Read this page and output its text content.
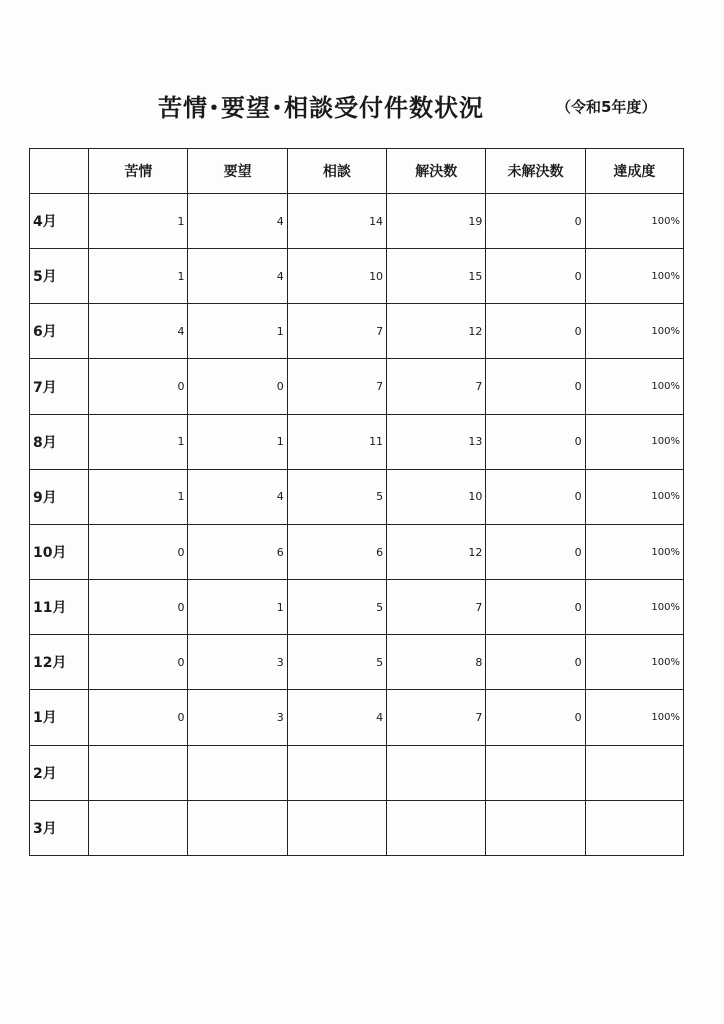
苦情･要望･相談受付件数状況	（令和5年度）
	苦情	要望	相談	解決数	未解決数	達成度
4月	1	4	14	19	0	100%
5月	1	4	10	15	0	100%
6月	4	1	7	12	0	100%
7月	0	0	7	7	0	100%
8月	1	1	11	13	0	100%
9月	1	4	5	10	0	100%
10月	0	6	6	12	0	100%
11月	0	1	5	7	0	100%
12月	0	3	5	8	0	100%
1月	0	3	4	7	0	100%
2月						
3月						
